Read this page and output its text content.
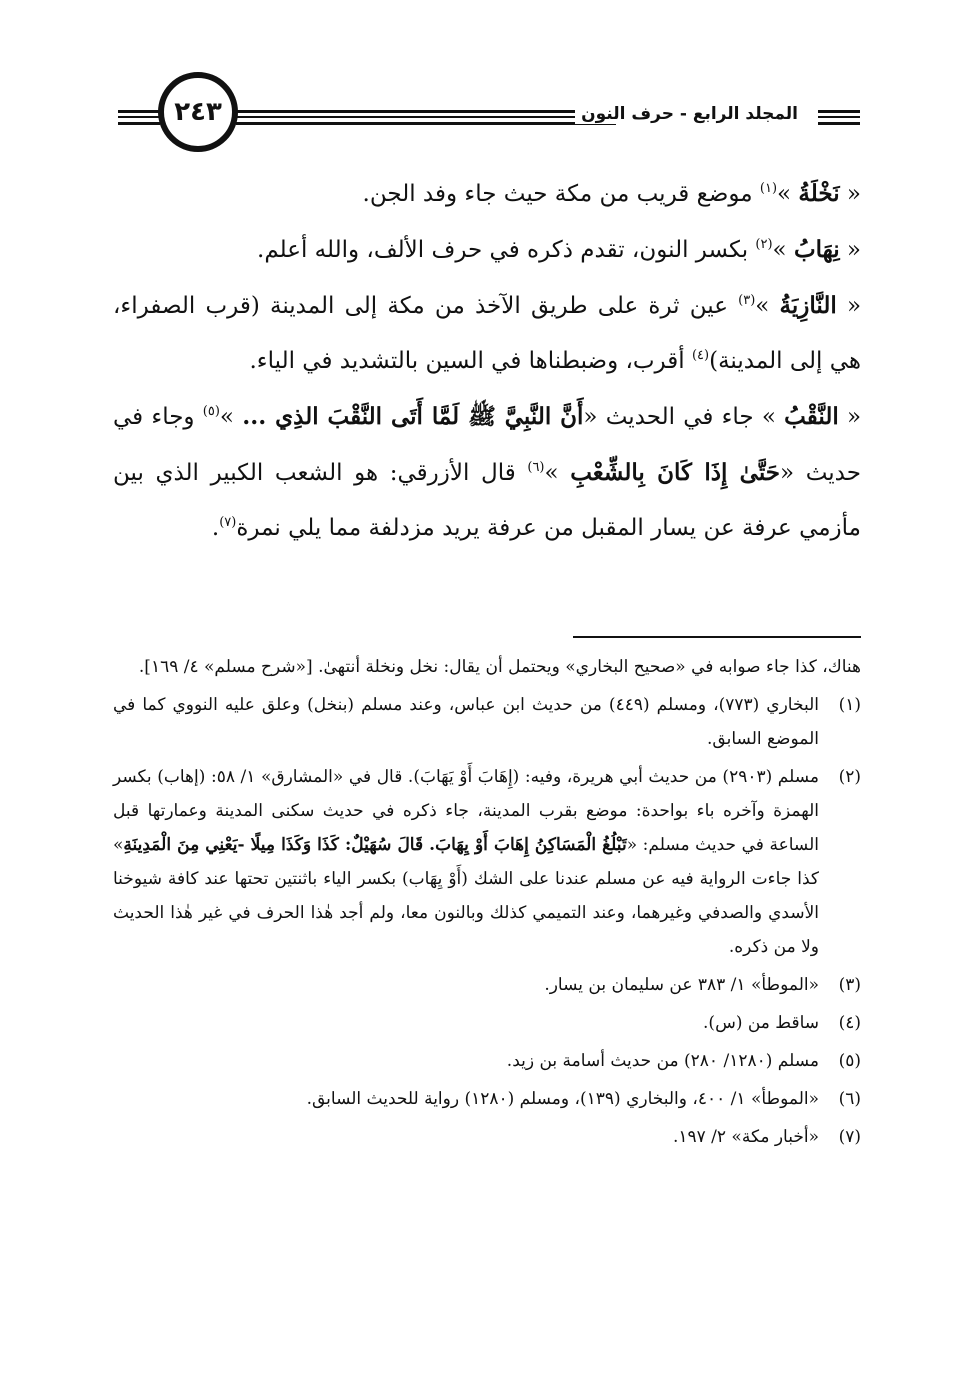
المجلد الرابع - حرف النون
٢٤٣

« نَخْلَةُ »$^{(١)}$ موضع قريب من مكة حيث جاء وفد الجن.

« نِهَابُ »$^{(٢)}$ بكسر النون، تقدم ذكره في حرف الألف، والله أعلم.

« النَّازِيَةُ »$^{(٣)}$ عين ثرة على طريق الآخذ من مكة إلى المدينة (قرب الصفراء، هي إلى المدينة)$^{(٤)}$ أقرب، وضبطناها في السين بالتشديد في الياء.

« النَّقْبُ » جاء في الحديث «أَنَّ النَّبِيَّ ﷺ لَمَّا أَتَى النَّقْبَ الذِي ... »$^{(٥)}$ وجاء في حديث «حَتَّىٰ إِذَا كَانَ بِالشِّعْبِ »$^{(٦)}$ قال الأزرقي: هو الشعب الكبير الذي بين مأزمي عرفة عن يسار المقبل من عرفة يريد مزدلفة مما يلي نمرة$^{(٧)}$.

هناك، كذا جاء صوابه في «صحيح البخاري» ويحتمل أن يقال: نخل ونخلة أنتهىٰ. [«شرح مسلم» ٤/ ١٦٩].

(١)
البخاري (٧٧٣)، ومسلم (٤٤٩) من حديث ابن عباس، وعند مسلم (بنخل) وعلق عليه النووي كما في الموضع السابق.
(٢)
مسلم (٢٩٠٣) من حديث أبي هريرة، وفيه: (إِهَابَ أَوْ يَهَابَ). قال في «المشارق» ١/ ٥٨: (إهاب) بكسر الهمزة وآخره باء بواحدة: موضع بقرب المدينة، جاء ذكره في حديث سكنى المدينة وعمارتها قبل الساعة في حديث مسلم: «تَبْلُغُ الْمَسَاكِنُ إِهَابَ أَوْ يِهَابَ. قَالَ سُهَيْلٌ: كَذَا وَكَذَا مِيلًا -يَعْنِي مِنَ الْمَدِينَةِ» كذا جاءت الرواية فيه عن مسلم عندنا على الشك (أَوْ يِهَاب) بكسر الياء باثنتين تحتها عند كافة شيوخنا الأسدي والصدفي وغيرهما، وعند التميمي كذلك وبالنون معا، ولم أجد هٰذا الحرف في غير هٰذا الحديث ولا من ذكره.
(٣)
«الموطأ» ١/ ٣٨٣ عن سليمان بن يسار.
(٤)
ساقط من (س).
(٥)
مسلم (١٢٨٠/ ٢٨٠) من حديث أسامة بن زيد.
(٦)
«الموطأ» ١/ ٤٠٠، والبخاري (١٣٩)، ومسلم (١٢٨٠) رواية للحديث السابق.
(٧)
«أخبار مكة» ٢/ ١٩٧.
